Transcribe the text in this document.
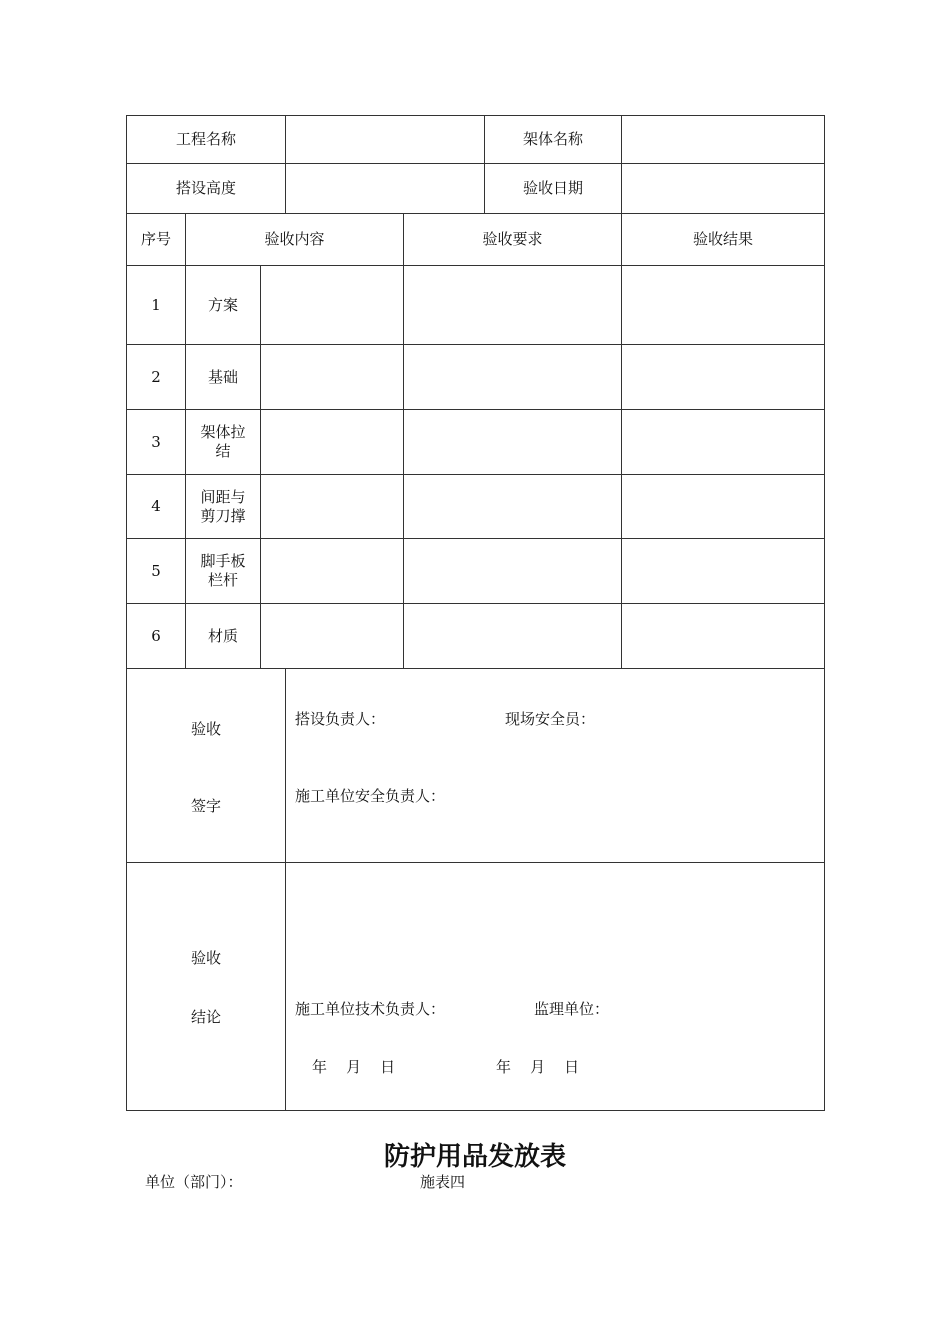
工程名称					架体名称	
搭设高度					验收日期	
序号	验收内容			验收要求		验收结果
1	方案					

2	基础					

3	架体拉结					

4	间距与剪刀撑					

5	脚手板栏杆					

6	材质					

验收
签字			搭设负责人： 现场安全员：
施工单位安全负责人：			

验收
结论			施工单位技术负责人： 监理单位：
年    月    日 年    月    日			
防护用品发放表
单位（部门）：	施表四
